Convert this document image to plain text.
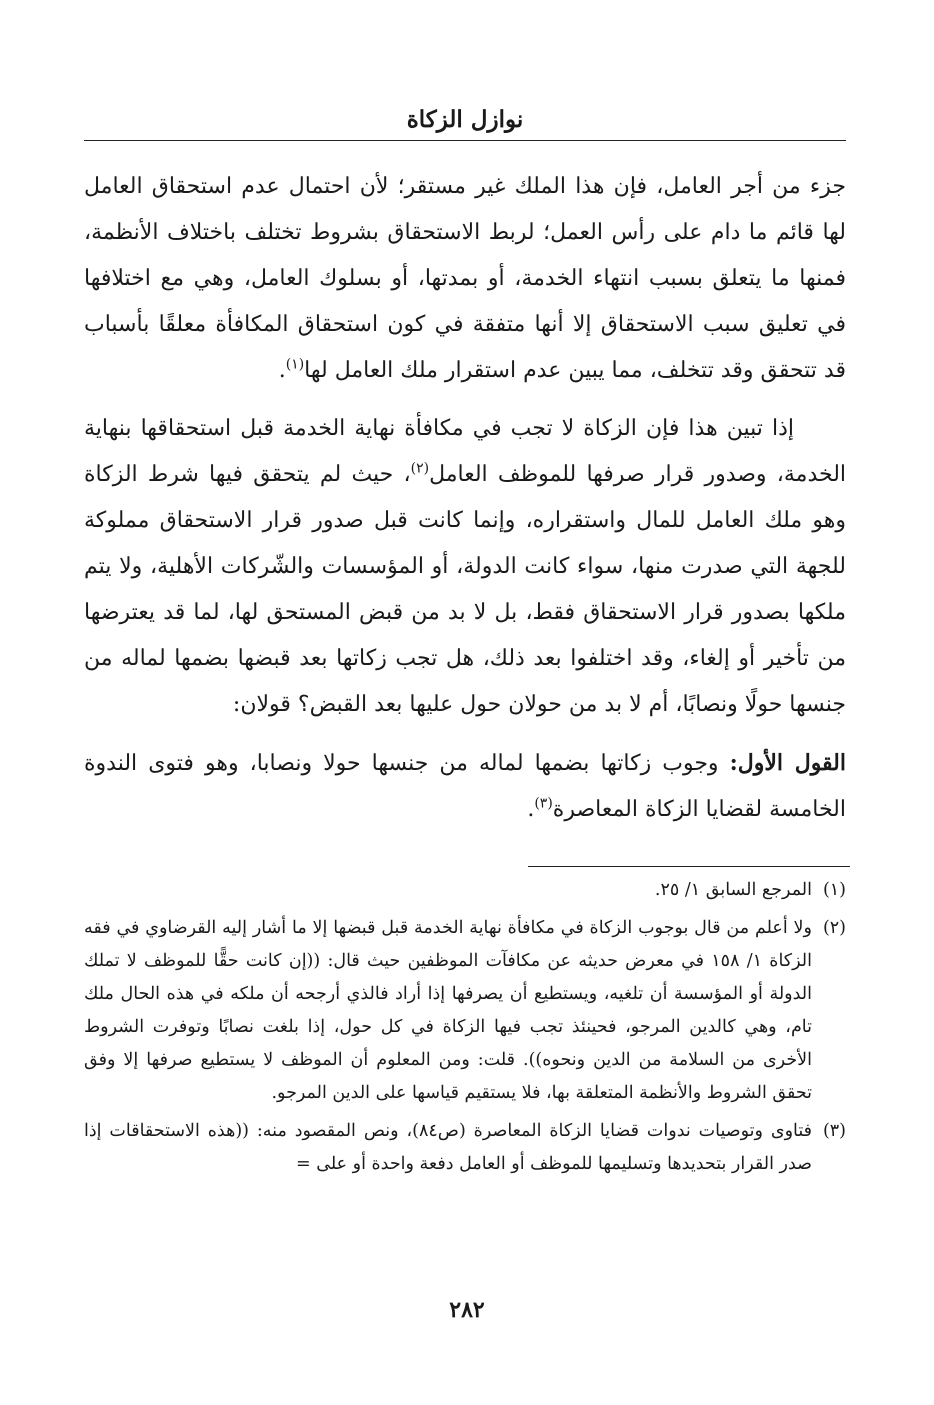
نوازل الزكاة

جزء من أجر العامل، فإن هذا الملك غير مستقر؛ لأن احتمال عدم استحقاق العامل لها قائم ما دام على رأس العمل؛ لربط الاستحقاق بشروط تختلف باختلاف الأنظمة، فمنها ما يتعلق بسبب انتهاء الخدمة، أو بمدتها، أو بسلوك العامل، وهي مع اختلافها في تعليق سبب الاستحقاق إلا أنها متفقة في كون استحقاق المكافأة معلقًا بأسباب قد تتحقق وقد تتخلف، مما يبين عدم استقرار ملك العامل لها$^{(١)}$.

إذا تبين هذا فإن الزكاة لا تجب في مكافأة نهاية الخدمة قبل استحقاقها بنهاية الخدمة، وصدور قرار صرفها للموظف العامل$^{(٢)}$، حيث لم يتحقق فيها شرط الزكاة وهو ملك العامل للمال واستقراره، وإنما كانت قبل صدور قرار الاستحقاق مملوكة للجهة التي صدرت منها، سواء كانت الدولة، أو المؤسسات والشّركات الأهلية، ولا يتم ملكها بصدور قرار الاستحقاق فقط، بل لا بد من قبض المستحق لها، لما قد يعترضها من تأخير أو إلغاء، وقد اختلفوا بعد ذلك، هل تجب زكاتها بعد قبضها بضمها لماله من جنسها حولًا ونصابًا، أم لا بد من حولان حول عليها بعد القبض؟ قولان:

القول الأول: وجوب زكاتها بضمها لماله من جنسها حولا ونصابا، وهو فتوى الندوة الخامسة لقضايا الزكاة المعاصرة$^{(٣)}$.

(١)
المرجع السابق ١/ ٢٥.
(٢)
ولا أعلم من قال بوجوب الزكاة في مكافأة نهاية الخدمة قبل قبضها إلا ما أشار إليه القرضاوي في فقه الزكاة ١/ ١٥٨ في معرض حديثه عن مكافآت الموظفين حيث قال: ((إن كانت حقًّا للموظف لا تملك الدولة أو المؤسسة أن تلغيه، ويستطيع أن يصرفها إذا أراد فالذي أرجحه أن ملكه في هذه الحال ملك تام، وهي كالدين المرجو، فحينئذ تجب فيها الزكاة في كل حول، إذا بلغت نصابًا وتوفرت الشروط الأخرى من السلامة من الدين ونحوه)). قلت: ومن المعلوم أن الموظف لا يستطيع صرفها إلا وفق تحقق الشروط والأنظمة المتعلقة بها، فلا يستقيم قياسها على الدين المرجو.
(٣)
فتاوى وتوصيات ندوات قضايا الزكاة المعاصرة (ص٨٤)، ونص المقصود منه: ((هذه الاستحقاقات إذا صدر القرار بتحديدها وتسليمها للموظف أو العامل دفعة واحدة أو على =
٢٨٢
